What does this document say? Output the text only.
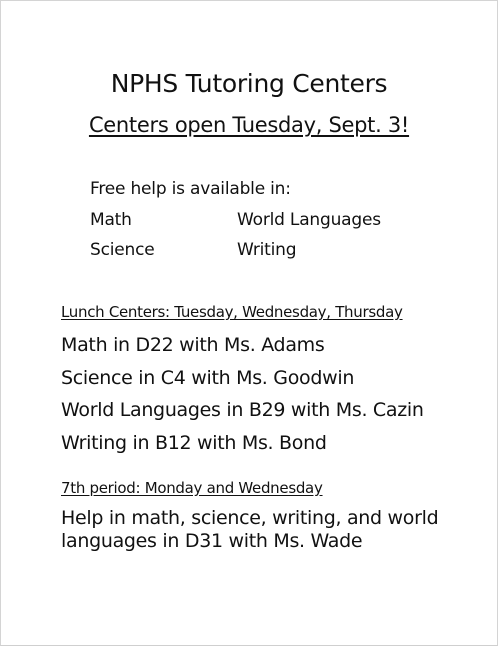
NPHS Tutoring Centers
Centers open Tuesday, Sept. 3!
Free help is available in:
Math	World Languages
Science	Writing
Lunch Centers: Tuesday, Wednesday, Thursday
Math in D22 with Ms. Adams
Science in C4 with Ms. Goodwin
World Languages in B29 with Ms. Cazin
Writing in B12 with Ms. Bond
7th period: Monday and Wednesday
Help in math, science, writing, and world languages in D31 with Ms. Wade
